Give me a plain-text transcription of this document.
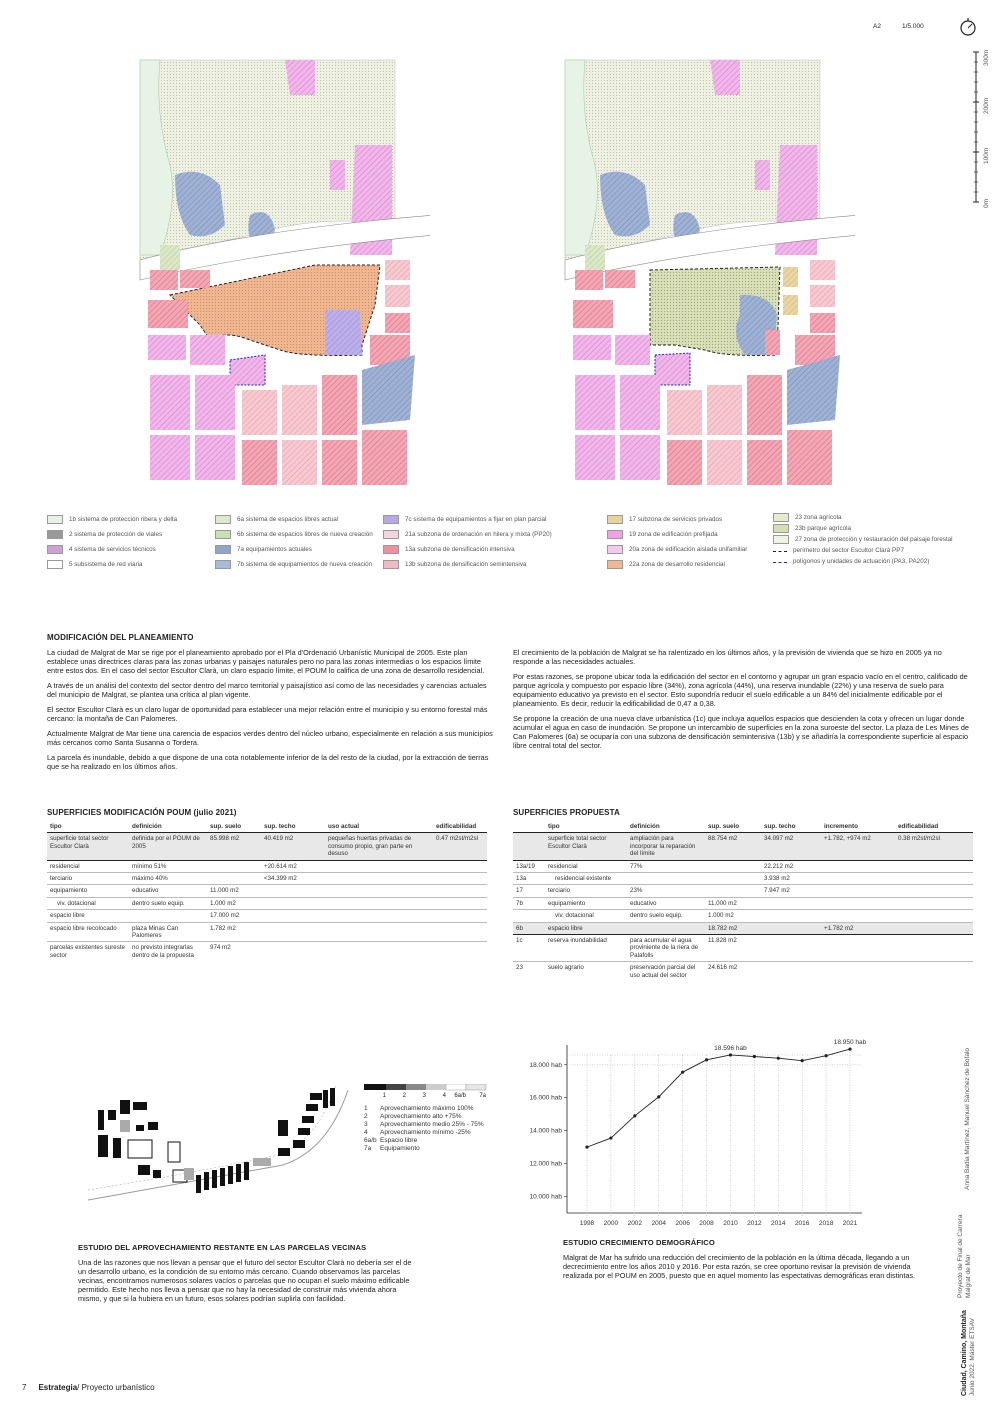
A2	1/5.000
300m
200m
100m
0m
1b sistema de protección ribera y delta
2 sistema de protección de viales
4 sistema de servicios técnicos
5 subsistema de red viaria
6a sistema de espacios libres actual
6b sistema de espacios libres de nueva creación
7a equipamientos actuales
7b sistema de equipamientos de nueva creación
7c sistema de equipamientos a fijar en plan parcial
21a subzona de ordenación en hilera y mixta (PP20)
13a subzona de densificación intensiva
13b subzona de densificación semintensiva
17 subzona de servicios privados
19 zona de edificación prefijada
20a zona de edificación aislada unifamiliar
22a zona de desarrollo residencial
23 zona agrícola
23b parque agrícola
27 zona de protección y restauración del paisaje forestal
perímetro del sector Escultor Clarà PP7
polígonos y unidades de actuación (PA3, PA202)
MODIFICACIÓN DEL PLANEAMIENTO

La ciudad de Malgrat de Mar se rige por el planeamiento aprobado por el Pla d'Ordenació Urbanístic Municipal de 2005. Este plan establece unas directrices claras para las zonas urbanas y paisajes naturales pero no para las zonas intermedias o los espacios límite entre estos dos. En el caso del sector Escultor Clarà, un claro espacio límite, el POUM lo califica de una zona de desarrollo residencial.

A través de un análisi del contexto del sector dentro del marco territorial y paisajístico así como de las necesidades y carencias actuales del municipio de Malgrat, se plantea una crítica al plan vigente.

El sector Escultor Clarà es un claro lugar de oportunidad para establecer una mejor relación entre el municipio y su entorno forestal más cercano: la montaña de Can Palomeres.

Actualmente Malgrat de Mar tiene una carencia de espacios verdes dentro del núcleo urbano, especialmente en relación a sus municipios más cercanos como Santa Susanna o Tordera.

La parcela és inundable, debido a que dispone de una cota notablemente inferior de la del resto de la ciudad, por la extracción de tierras que se ha realizado en los últimos años.

El crecimiento de la población de Malgrat se ha ralentizado en los últimos años, y la previsión de vivienda que se hizo en 2005 ya no responde a las necesidades actuales.

Por estas razones, se propone ubicar toda la edificación del sector en el contorno y agrupar un gran espacio vacío en el centro, calificado de parque agrícola y compuesto por espacio libre (34%), zona agrícola (44%), una reserva inundable (22%) y una reserva de suelo para equipamiento educativo ya previsto en el sector. Esto supondría reducir el suelo edificable a un 84% del inicialmente edificable por el planeamiento. Es decir, reducir la edificabilidad de 0,47 a 0,38.

Se propone la creación de una nueva clave urbanística (1c) que incluya aquellos espacios que descienden la cota y ofrecen un lugar donde acumular el agua en caso de inundación. Se propone un intercambio de superficies en la zona suroeste del sector. La plaza de Les Mines de Can Palomeres (6a) se ocuparía con una subzona de densificación semintensiva (13b) y se añadiría la correspondiente superficie al espacio libre central total del sector.

SUPERFICIES MODIFICACIÓN POUM (julio 2021)
tipo	definición	sup. suelo	sup. techo	uso actual	edificabilidad
superficie total sector Escultor Clarà	definida por el POUM de 2005	85.998 m2	40.419 m2	pequeñas huertas privadas de consumo propio, gran parte en desuso	0.47 m2st/m2sl
residencial	mínimo 51%		+20.614 m2		
terciario	máximo 40%		<34.399 m2		
equipamiento	educativo	11.000 m2			
viv. dotacional	dentro suelo equip.	1.000 m2			
espacio libre		17.000 m2			
espacio libre recolocado	plaza Minas Can Palomeres	1.782 m2			
parcelas existentes sureste sector	no previsto integrarlas dentro de la propuesta	974 m2			
SUPERFICIES PROPUESTA
	tipo	definición	sup. suelo	sup. techo	incremento	edificabilidad
	superficie total sector Escultor Clarà	ampliación para incorporar la reparación del límite	88.754 m2	34.097 m2	+1.782, +974 m2	0.38 m2st/m2sl
13a/19	residencial	77%		22.212 m2		
13a	residencial existente			3.938 m2		
17	terciario	23%		7.947 m2		
7b	equipamiento	educativo	11.000 m2			
	viv. dotacional	dentro suelo equip.	1.000 m2			
6b	espacio libre		18.782 m2		+1.782 m2	
1c	reserva inundabilidad	para acumular el agua proviniente de la riera de Palafolls	11.828 m2			
23	suelo agrario	preservación parcial del uso actual del sector	24.616 m2			
1	2	3	4	6a/b	7a
1 Aprovechamiento máximo 100%
2 Aprovechamiento alto +75%
3 Aprovechamiento medio 25% - 75%
4 Aprovechamiento mínimo -25%
6a/b Espacio libre
7a Equipamiento
ESTUDIO DEL APROVECHAMIENTO RESTANTE EN LAS PARCELAS VECINAS

Una de las razones que nos llevan a pensar que el futuro del sector Escultor Clarà no debería ser el de un desarrollo urbano, es la condición de su entorno más cercano. Cuando observamos las parcelas vecinas, encontramos numerosos solares vacíos o parcelas que no ocupan el suelo máximo edificable permitido. Este hecho nos lleva a pensar que no hay la necesidad de construir más vivienda ahora mismo, y que si la hubiera en un futuro, esos solares podrían suplirla con facilidad.

10.000 hab
12.000 hab
14.000 hab
16.000 hab
18.000 hab
1998 2000 2002 2004 2006 2008 2010 2012 2014 2016 2018 2021
18.596 hab
18.950 hab
ESTUDIO CRECIMIENTO DEMOGRÁFICO

Malgrat de Mar ha sufrido una reducción del crecimiento de la población en la última década, llegando a un decrecimiento entre los años 2010 y 2016. Por esta razón, se cree oportuno revisar la previsión de vivienda realizada por el POUM en 2005, puesto que en aquel momento las espectativas demográficas eran distintas.

Anna Badia Martínez, Manuel Sánchez de Bofalo
Proyecto de Final de Carrera Malgrat de Mar
Ciudad, Camino, Montaña Junio 2022. Máster ETSAV
7 Estrategia/ Proyecto urbanístico
